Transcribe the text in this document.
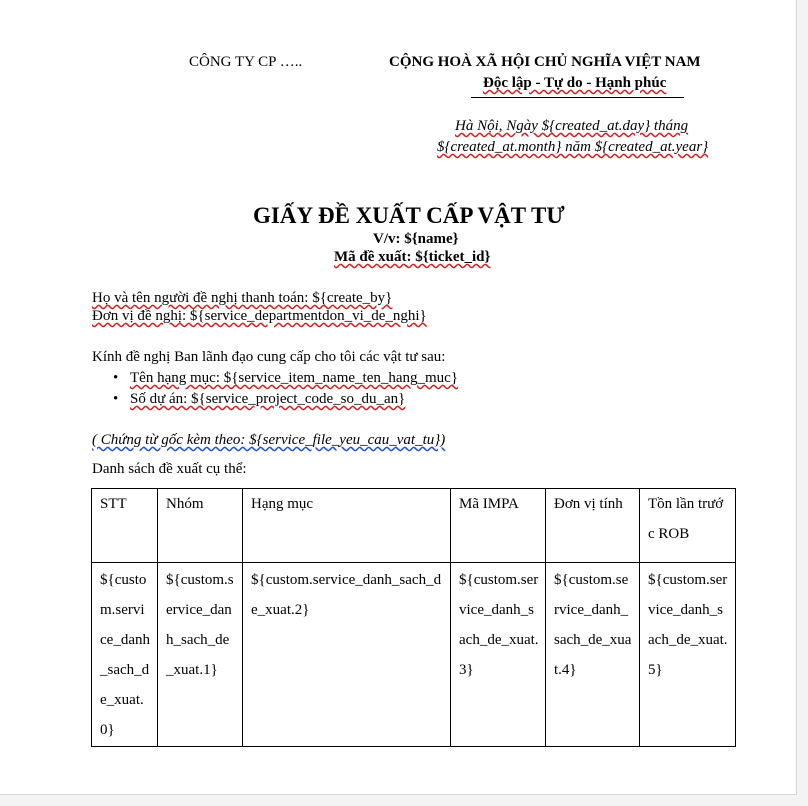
CÔNG TY CP …..	CỘNG HOÀ XÃ HỘI CHỦ NGHĨA VIỆT NAM
Độc lập - Tự do - Hạnh phúc
Hà Nội, Ngày ${created_at.day} tháng
${created_at.month} năm ${created_at.year}
GIẤY ĐỀ XUẤT CẤP VẬT TƯ
V/v: ${name}
Mã đề xuất: ${ticket_id}
Họ và tên người đề nghị thanh toán: ${create_by}
Đơn vị đề nghị: ${service_departmentdon_vi_de_nghi}
Kính đề nghị Ban lãnh đạo cung cấp cho tôi các vật tư sau:
• Tên hạng mục: ${service_item_name_ten_hang_muc}
• Số dự án: ${service_project_code_so_du_an}
( Chứng từ gốc kèm theo: ${service_file_yeu_cau_vat_tu})
Danh sách đề xuất cụ thể:
STT	Nhóm	Hạng mục	Mã IMPA	Đơn vị tính	Tồn lần trước ROB
${custom.service_danh_sach_de_xuat.0}	${custom.service_danh_sach_de_xuat.1}	${custom.service_danh_sach_de_xuat.2}	${custom.service_danh_sach_de_xuat.3}	${custom.service_danh_sach_de_xuat.4}	${custom.service_danh_sach_de_xuat.5}
